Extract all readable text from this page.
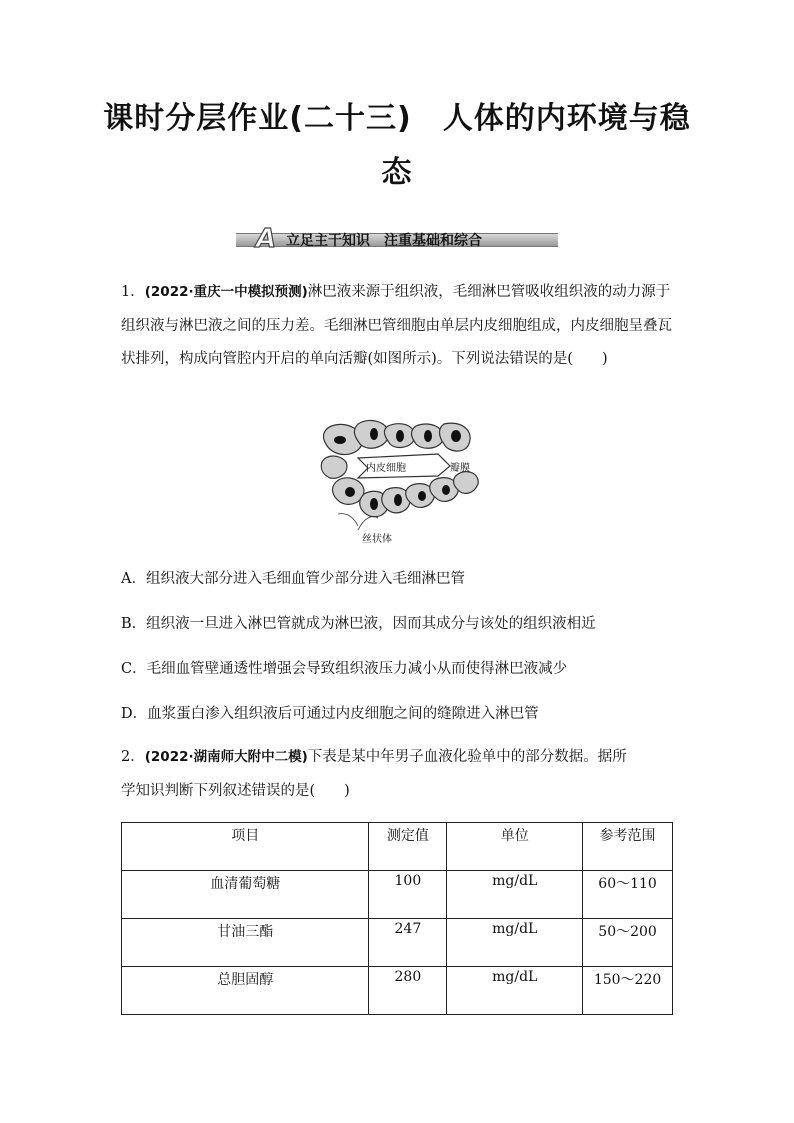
课时分层作业(二十三)　人体的内环境与稳
态
A 立足主干知识　注重基础和综合
1．(2022·重庆一中模拟预测)淋巴液来源于组织液，毛细淋巴管吸收组织液的动力源于组织液与淋巴液之间的压力差。毛细淋巴管细胞由单层内皮细胞组成，内皮细胞呈叠瓦状排列，构成向管腔内开启的单向活瓣(如图所示)。下列说法错误的是(　　)
内皮细胞	瓣膜
丝状体
A．组织液大部分进入毛细血管少部分进入毛细淋巴管
B．组织液一旦进入淋巴管就成为淋巴液，因而其成分与该处的组织液相近
C．毛细血管壁通透性增强会导致组织液压力减小从而使得淋巴液减少
D．血浆蛋白渗入组织液后可通过内皮细胞之间的缝隙进入淋巴管
2．(2022·湖南师大附中二模)下表是某中年男子血液化验单中的部分数据。据所
学知识判断下列叙述错误的是(　　)
项目	测定值	单位	参考范围
血清葡萄糖	100	mg/dL	60～110
甘油三酯	247	mg/dL	50～200
总胆固醇	280	mg/dL	150～220
